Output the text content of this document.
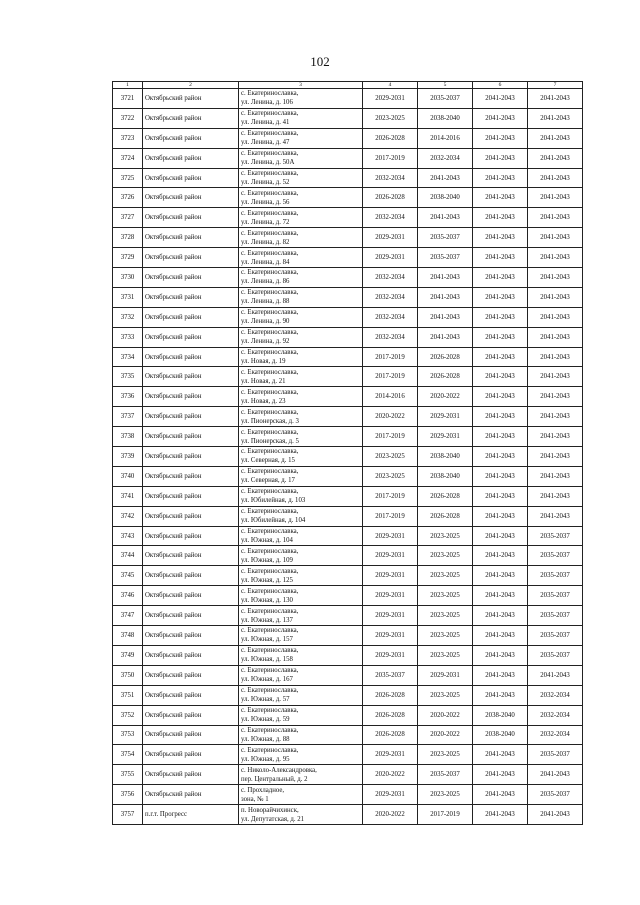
102
1	2	3	4	5	6	7
3721	Октябрьский район	с. Екатеринославка,
ул. Ленина, д. 106	2029-2031	2035-2037	2041-2043	2041-2043
3722	Октябрьский район	с. Екатеринославка,
ул. Ленина, д. 41	2023-2025	2038-2040	2041-2043	2041-2043
3723	Октябрьский район	с. Екатеринославка,
ул. Ленина, д. 47	2026-2028	2014-2016	2041-2043	2041-2043
3724	Октябрьский район	с. Екатеринославка,
ул. Ленина, д. 50А	2017-2019	2032-2034	2041-2043	2041-2043
3725	Октябрьский район	с. Екатеринославка,
ул. Ленина, д. 52	2032-2034	2041-2043	2041-2043	2041-2043
3726	Октябрьский район	с. Екатеринославка,
ул. Ленина, д. 56	2026-2028	2038-2040	2041-2043	2041-2043
3727	Октябрьский район	с. Екатеринославка,
ул. Ленина, д. 72	2032-2034	2041-2043	2041-2043	2041-2043
3728	Октябрьский район	с. Екатеринославка,
ул. Ленина, д. 82	2029-2031	2035-2037	2041-2043	2041-2043
3729	Октябрьский район	с. Екатеринославка,
ул. Ленина, д. 84	2029-2031	2035-2037	2041-2043	2041-2043
3730	Октябрьский район	с. Екатеринославка,
ул. Ленина, д. 86	2032-2034	2041-2043	2041-2043	2041-2043
3731	Октябрьский район	с. Екатеринославка,
ул. Ленина, д. 88	2032-2034	2041-2043	2041-2043	2041-2043
3732	Октябрьский район	с. Екатеринославка,
ул. Ленина, д. 90	2032-2034	2041-2043	2041-2043	2041-2043
3733	Октябрьский район	с. Екатеринославка,
ул. Ленина, д. 92	2032-2034	2041-2043	2041-2043	2041-2043
3734	Октябрьский район	с. Екатеринославка,
ул. Новая, д. 19	2017-2019	2026-2028	2041-2043	2041-2043
3735	Октябрьский район	с. Екатеринославка,
ул. Новая, д. 21	2017-2019	2026-2028	2041-2043	2041-2043
3736	Октябрьский район	с. Екатеринославка,
ул. Новая, д. 23	2014-2016	2020-2022	2041-2043	2041-2043
3737	Октябрьский район	с. Екатеринославка,
ул. Пионерская, д. 3	2020-2022	2029-2031	2041-2043	2041-2043
3738	Октябрьский район	с. Екатеринославка,
ул. Пионерская, д. 5	2017-2019	2029-2031	2041-2043	2041-2043
3739	Октябрьский район	с. Екатеринославка,
ул. Северная, д. 15	2023-2025	2038-2040	2041-2043	2041-2043
3740	Октябрьский район	с. Екатеринославка,
ул. Северная, д. 17	2023-2025	2038-2040	2041-2043	2041-2043
3741	Октябрьский район	с. Екатеринославка,
ул. Юбилейная, д. 103	2017-2019	2026-2028	2041-2043	2041-2043
3742	Октябрьский район	с. Екатеринославка,
ул. Юбилейная, д. 104	2017-2019	2026-2028	2041-2043	2041-2043
3743	Октябрьский район	с. Екатеринославка,
ул. Южная, д. 104	2029-2031	2023-2025	2041-2043	2035-2037
3744	Октябрьский район	с. Екатеринославка,
ул. Южная, д. 109	2029-2031	2023-2025	2041-2043	2035-2037
3745	Октябрьский район	с. Екатеринославка,
ул. Южная, д. 125	2029-2031	2023-2025	2041-2043	2035-2037
3746	Октябрьский район	с. Екатеринославка,
ул. Южная, д. 130	2029-2031	2023-2025	2041-2043	2035-2037
3747	Октябрьский район	с. Екатеринославка,
ул. Южная, д. 137	2029-2031	2023-2025	2041-2043	2035-2037
3748	Октябрьский район	с. Екатеринославка,
ул. Южная, д. 157	2029-2031	2023-2025	2041-2043	2035-2037
3749	Октябрьский район	с. Екатеринославка,
ул. Южная, д. 158	2029-2031	2023-2025	2041-2043	2035-2037
3750	Октябрьский район	с. Екатеринославка,
ул. Южная, д. 167	2035-2037	2029-2031	2041-2043	2041-2043
3751	Октябрьский район	с. Екатеринославка,
ул. Южная, д. 57	2026-2028	2023-2025	2041-2043	2032-2034
3752	Октябрьский район	с. Екатеринославка,
ул. Южная, д. 59	2026-2028	2020-2022	2038-2040	2032-2034
3753	Октябрьский район	с. Екатеринославка,
ул. Южная, д. 88	2026-2028	2020-2022	2038-2040	2032-2034
3754	Октябрьский район	с. Екатеринославка,
ул. Южная, д. 95	2029-2031	2023-2025	2041-2043	2035-2037
3755	Октябрьский район	с. Николо-Александровка,
пер. Центральный, д. 2	2020-2022	2035-2037	2041-2043	2041-2043
3756	Октябрьский район	с. Прохладное,
зона, № 1	2029-2031	2023-2025	2041-2043	2035-2037
3757	п.г.т. Прогресс	п. Новорайчихинск,
ул. Депутатская, д. 21	2020-2022	2017-2019	2041-2043	2041-2043
